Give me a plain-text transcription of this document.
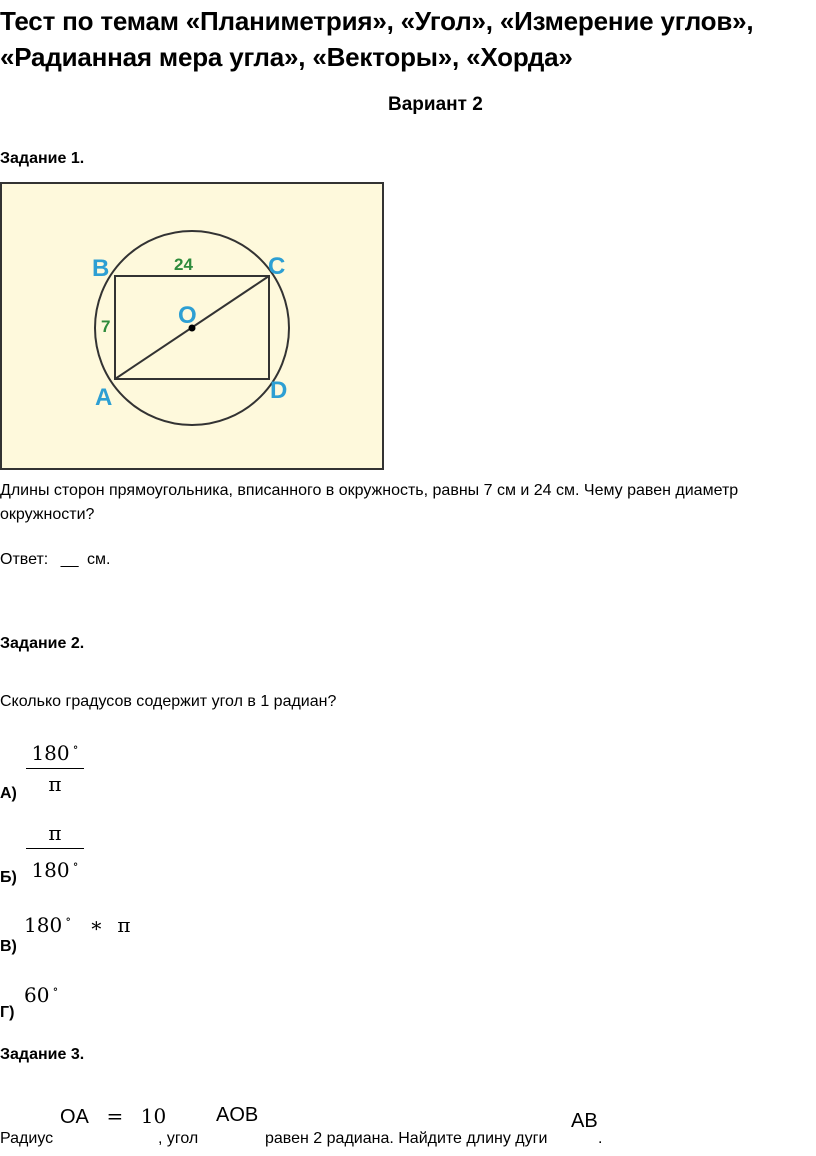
Тест по темам «Планиметрия», «Угол», «Измерение углов»,
«Радианная мера угла», «Векторы», «Хорда»
Вариант 2
Задание 1.
B	C
A	D
O
24
7
Длины сторон прямоугольника, вписанного в окружность, равны 7 см и 24 см. Чему равен диаметр
окружности?
Ответ: __ см.
Задание 2.
Сколько градусов содержит угол в 1 радиан?
А)
180 ∘
π
Б)
π
180 ∘
В)
180 ∘ ∗ π
Г)
60 ∘
Задание 3.
OA = 10 AOB	AB
Радиус	, угол	равен 2 радиана. Найдите длину дуги	.
